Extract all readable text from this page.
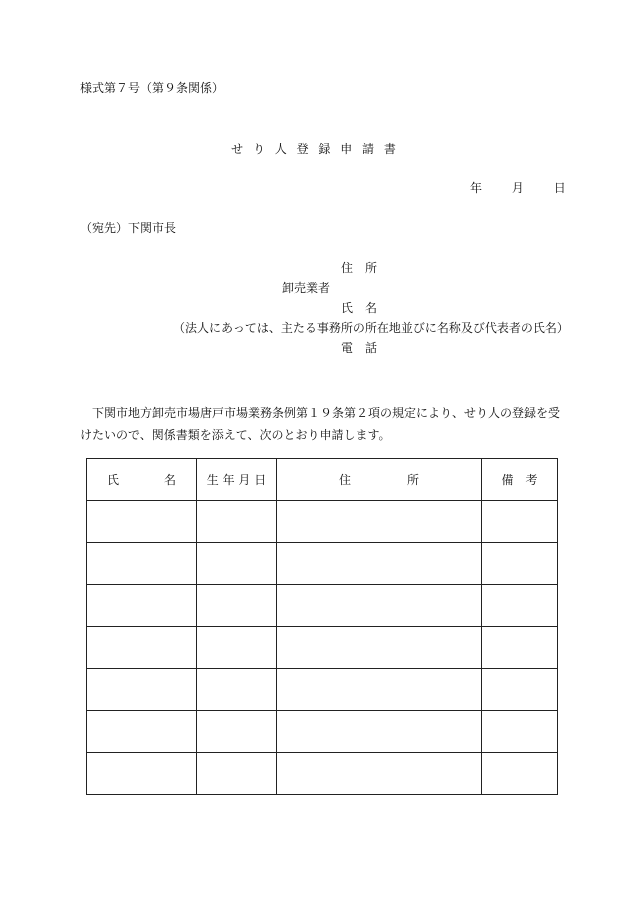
様式第７号（第９条関係）
せ り 人 登 録 申 請 書
年 月 日
（宛先）下関市長
住　所
卸売業者
氏　名
（法人にあっては、主たる事務所の所在地並びに名称及び代表者の氏名）
電　話
下関市地方卸売市場唐戸市場業務条例第１９条第２項の規定により、せり人の登録を受けたいので、関係書類を添えて、次のとおり申請します。
氏 名	生 年 月 日	住 所	備　考
